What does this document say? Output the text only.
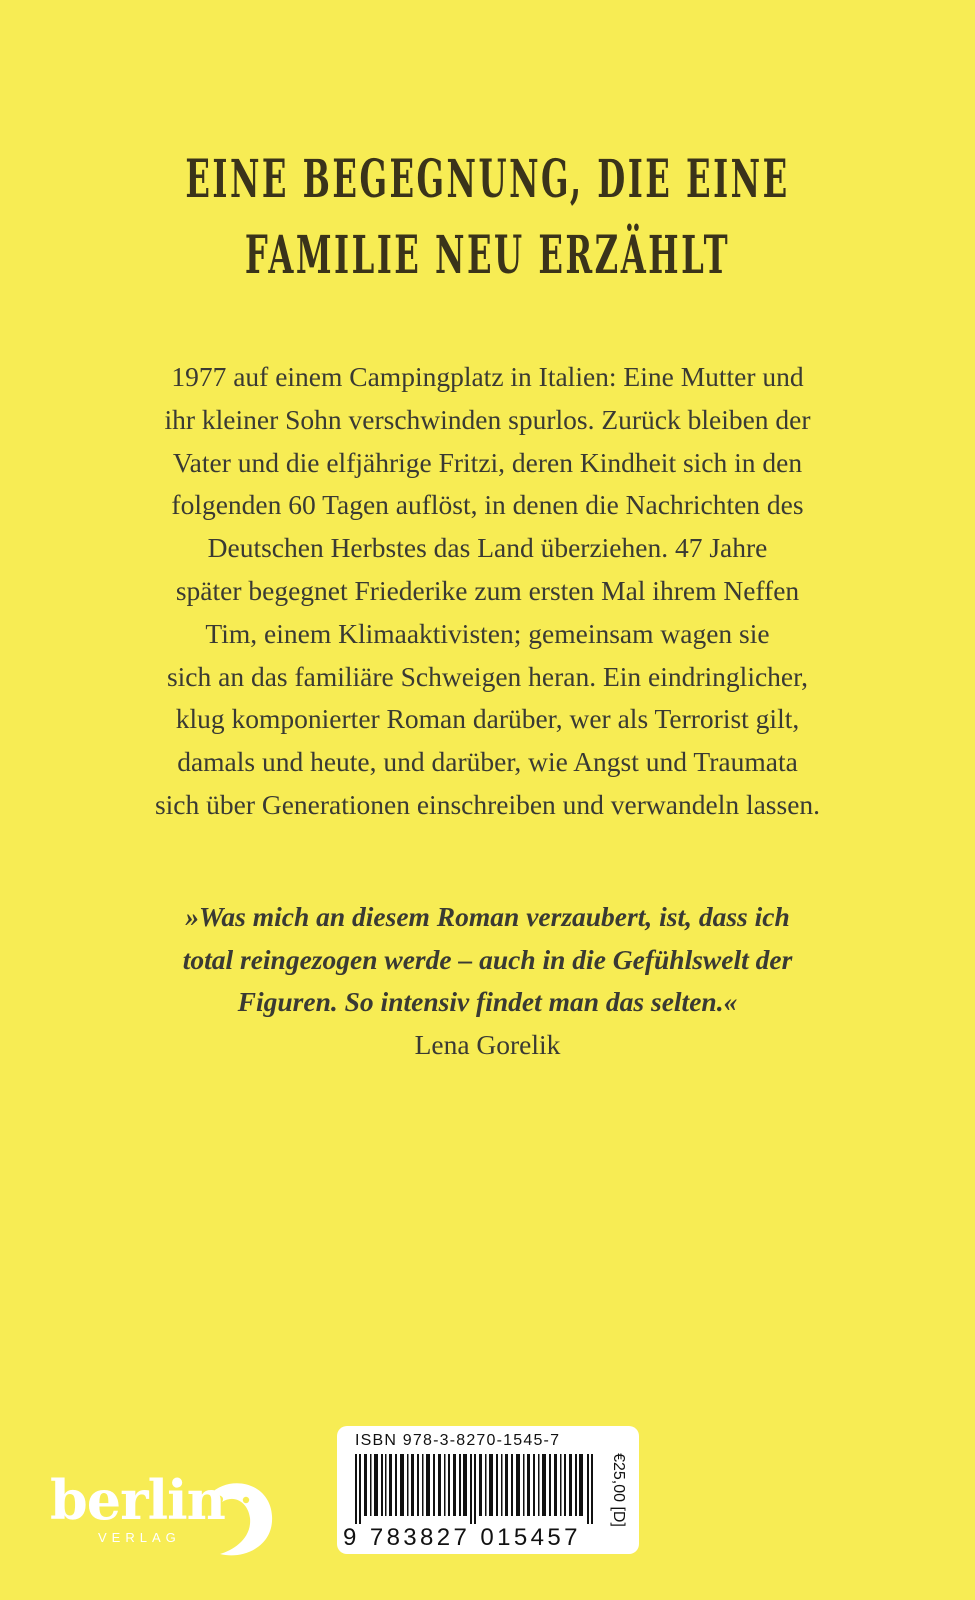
EINE BEGEGNUNG, DIE EINE
FAMILIE NEU ERZÄHLT
1977 auf einem Campingplatz in Italien: Eine Mutter und
ihr kleiner Sohn verschwinden spurlos. Zurück bleiben der
Vater und die elfjährige Fritzi, deren Kindheit sich in den
folgenden 60 Tagen auflöst, in denen die Nachrichten des
Deutschen Herbstes das Land überziehen. 47 Jahre
später begegnet Friederike zum ersten Mal ihrem Neffen
Tim, einem Klimaaktivisten; gemeinsam wagen sie
sich an das familiäre Schweigen heran. Ein eindringlicher,
klug komponierter Roman darüber, wer als Terrorist gilt,
damals und heute, und darüber, wie Angst und Traumata
sich über Generationen einschreiben und verwandeln lassen.
»Was mich an diesem Roman verzaubert, ist, dass ich
total reingezogen werde – auch in die Gefühlswelt der
Figuren. So intensiv findet man das selten.«
Lena Gorelik
berlin
VERLAG
ISBN 978-3-8270-1545-7
9 783827 015457
€25,00 [D]
